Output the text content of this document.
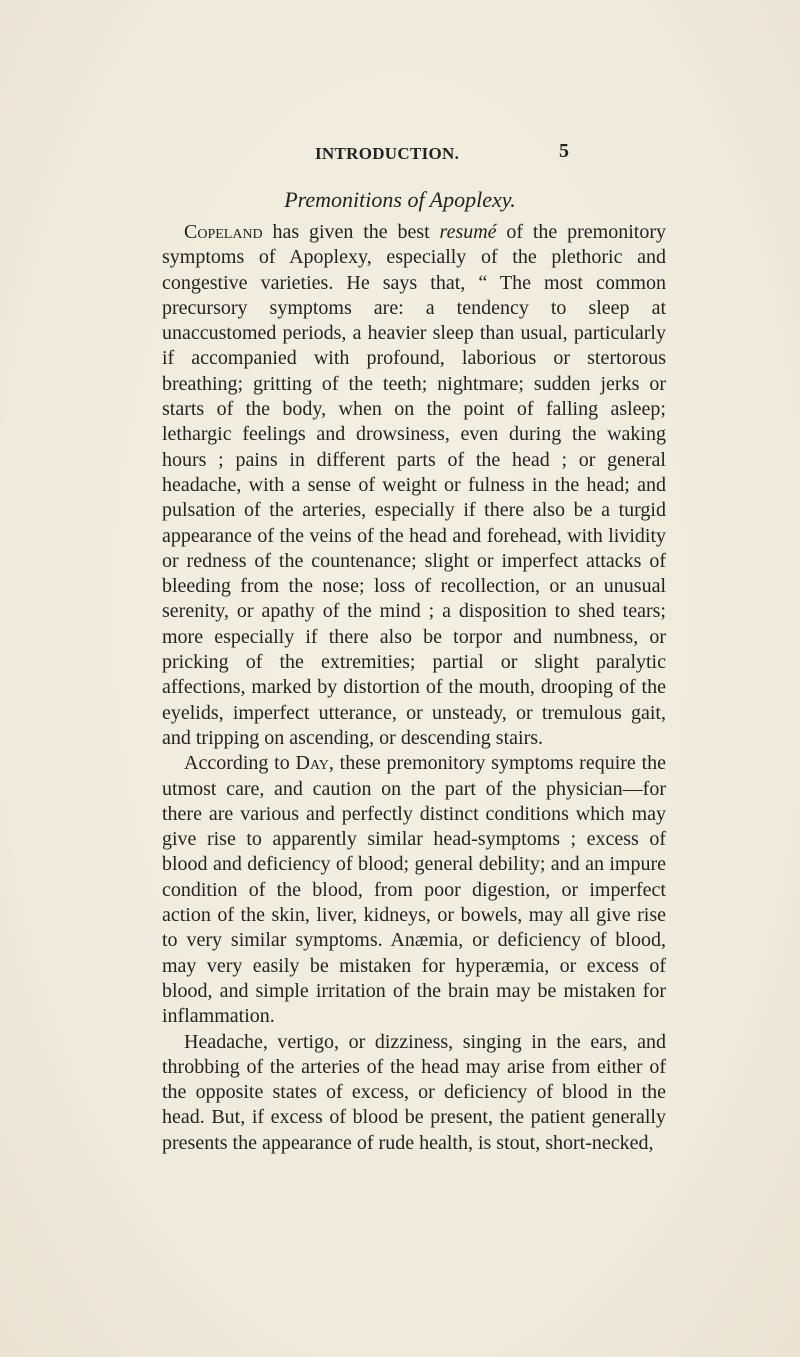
INTRODUCTION.	5
Premonitions of Apoplexy.

Copeland has given the best resumé of the premonitory symptoms of Apoplexy, especially of the plethoric and congestive varieties. He says that, “ The most common precursory symptoms are: a tendency to sleep at unaccustomed periods, a heavier sleep than usual, particularly if accompanied with profound, laborious or stertorous breathing; gritting of the teeth; nightmare; sudden jerks or starts of the body, when on the point of falling asleep; lethargic feelings and drowsiness, even during the waking hours ; pains in different parts of the head ; or general headache, with a sense of weight or fulness in the head; and pulsation of the arteries, especially if there also be a turgid appearance of the veins of the head and forehead, with lividity or redness of the countenance; slight or imperfect attacks of bleeding from the nose; loss of recollection, or an unusual serenity, or apathy of the mind ; a disposition to shed tears; more especially if there also be torpor and numbness, or pricking of the extremities; partial or slight paralytic affections, marked by distortion of the mouth, drooping of the eyelids, imperfect utterance, or unsteady, or tremulous gait, and tripping on ascending, or descending stairs.

According to Day, these premonitory symptoms require the utmost care, and caution on the part of the physician—for there are various and perfectly distinct conditions which may give rise to apparently similar head-symptoms ; excess of blood and deficiency of blood; general debility; and an impure condition of the blood, from poor digestion, or imperfect action of the skin, liver, kidneys, or bowels, may all give rise to very similar symptoms. Anæmia, or deficiency of blood, may very easily be mistaken for hyperæmia, or excess of blood, and simple irritation of the brain may be mistaken for inflammation.

Headache, vertigo, or dizziness, singing in the ears, and throbbing of the arteries of the head may arise from either of the opposite states of excess, or deficiency of blood in the head. But, if excess of blood be present, the patient generally presents the appearance of rude health, is stout, short-necked,
